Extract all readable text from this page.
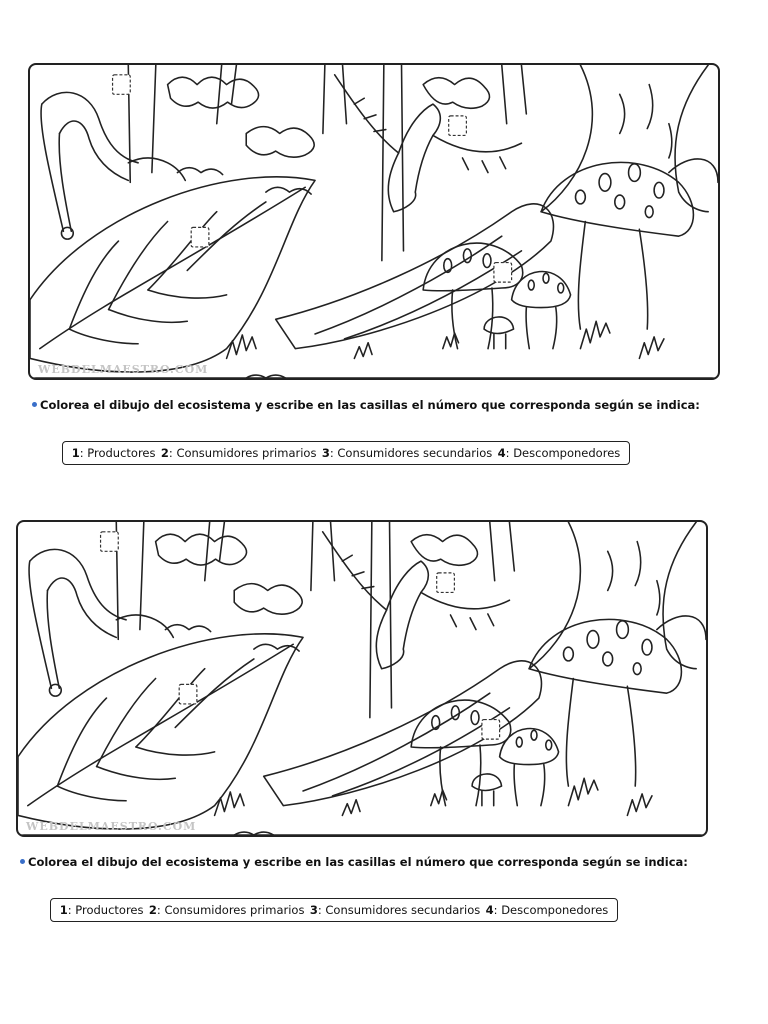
WEBDELMAESTRO.COM
Colorea el dibujo del ecosistema y escribe en las casillas el número que corresponda según se indica:
1: Productores 2: Consumidores primarios 3: Consumidores secundarios 4: Descomponedores
WEBDELMAESTRO.COM
Colorea el dibujo del ecosistema y escribe en las casillas el número que corresponda según se indica:
1: Productores 2: Consumidores primarios 3: Consumidores secundarios 4: Descomponedores
